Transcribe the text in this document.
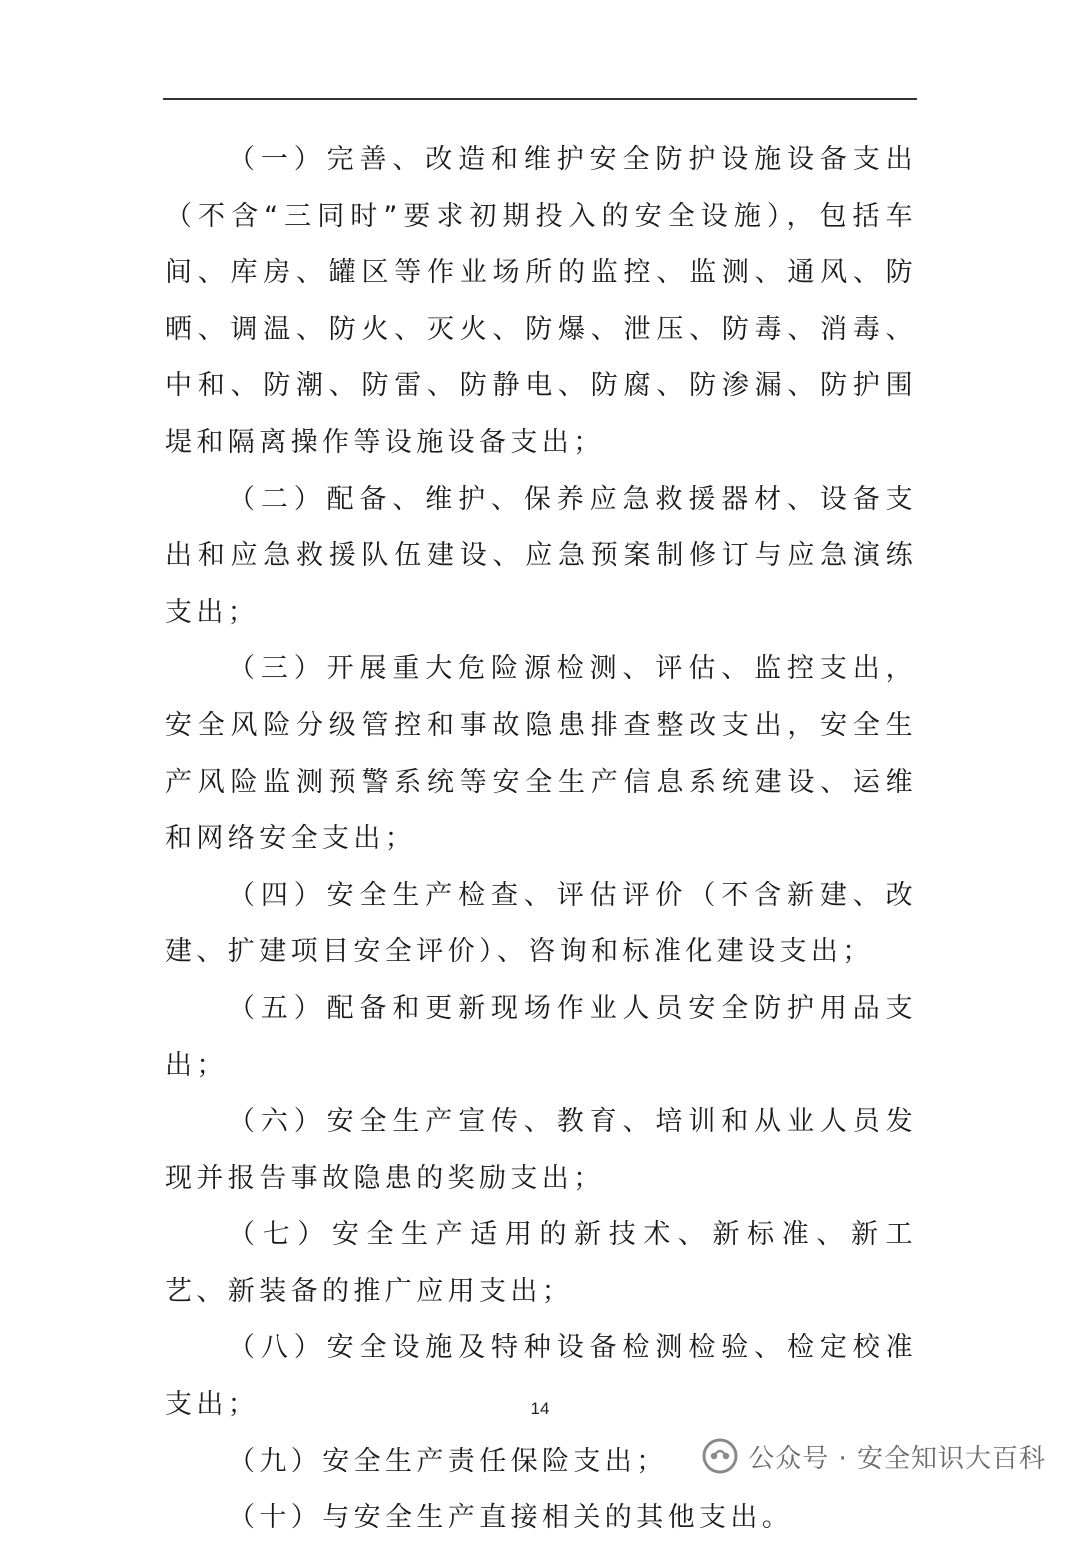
（一）完善、改造和维护安全防护设施设备支出（不含“三同时”要求初期投入的安全设施），包括车间、库房、罐区等作业场所的监控、监测、通风、防晒、调温、防火、灭火、防爆、泄压、防毒、消毒、中和、防潮、防雷、防静电、防腐、防渗漏、防护围堤和隔离操作等设施设备支出；

（二）配备、维护、保养应急救援器材、设备支出和应急救援队伍建设、应急预案制修订与应急演练支出；

（三）开展重大危险源检测、评估、监控支出，安全风险分级管控和事故隐患排查整改支出，安全生产风险监测预警系统等安全生产信息系统建设、运维和网络安全支出；

（四）安全生产检查、评估评价（不含新建、改建、扩建项目安全评价）、咨询和标准化建设支出；

（五）配备和更新现场作业人员安全防护用品支出；

（六）安全生产宣传、教育、培训和从业人员发现并报告事故隐患的奖励支出；

（七）安全生产适用的新技术、新标准、新工艺、新装备的推广应用支出；

（八）安全设施及特种设备检测检验、检定校准支出；

（九）安全生产责任保险支出；

（十）与安全生产直接相关的其他支出。

14
公众号 · 安全知识大百科
